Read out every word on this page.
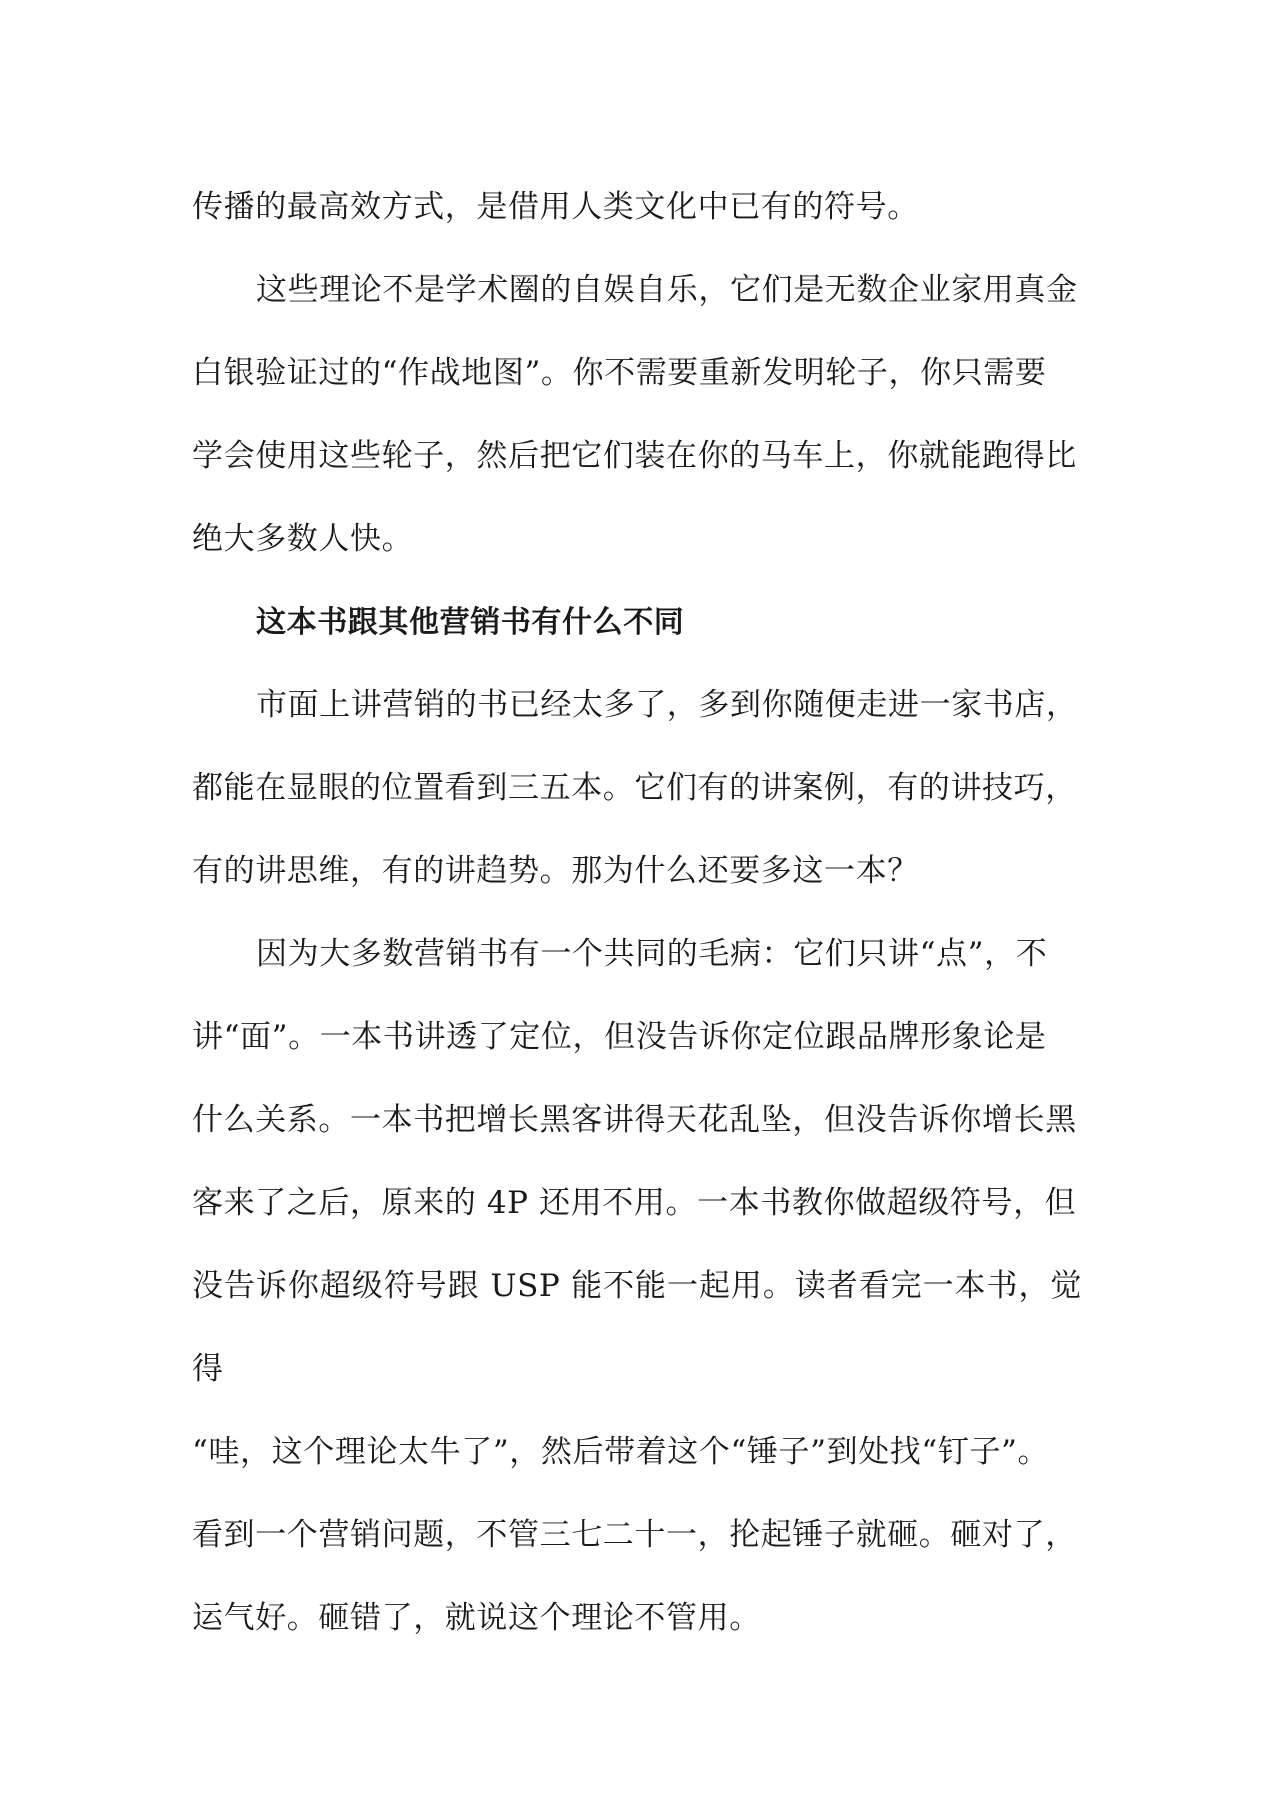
传播的最高效方式，是借用人类文化中已有的符号。

这些理论不是学术圈的自娱自乐，它们是无数企业家用真金
白银验证过的“作战地图”。你不需要重新发明轮子，你只需要
学会使用这些轮子，然后把它们装在你的马车上，你就能跑得比
绝大多数人快。

这本书跟其他营销书有什么不同

市面上讲营销的书已经太多了，多到你随便走进一家书店，
都能在显眼的位置看到三五本。它们有的讲案例，有的讲技巧，
有的讲思维，有的讲趋势。那为什么还要多这一本？

因为大多数营销书有一个共同的毛病：它们只讲“点”，不
讲“面”。一本书讲透了定位，但没告诉你定位跟品牌形象论是
什么关系。一本书把增长黑客讲得天花乱坠，但没告诉你增长黑
客来了之后，原来的 4P 还用不用。一本书教你做超级符号，但
没告诉你超级符号跟 USP 能不能一起用。读者看完一本书，觉得
“哇，这个理论太牛了”，然后带着这个“锤子”到处找“钉子”。
看到一个营销问题，不管三七二十一，抡起锤子就砸。砸对了，
运气好。砸错了，就说这个理论不管用。
